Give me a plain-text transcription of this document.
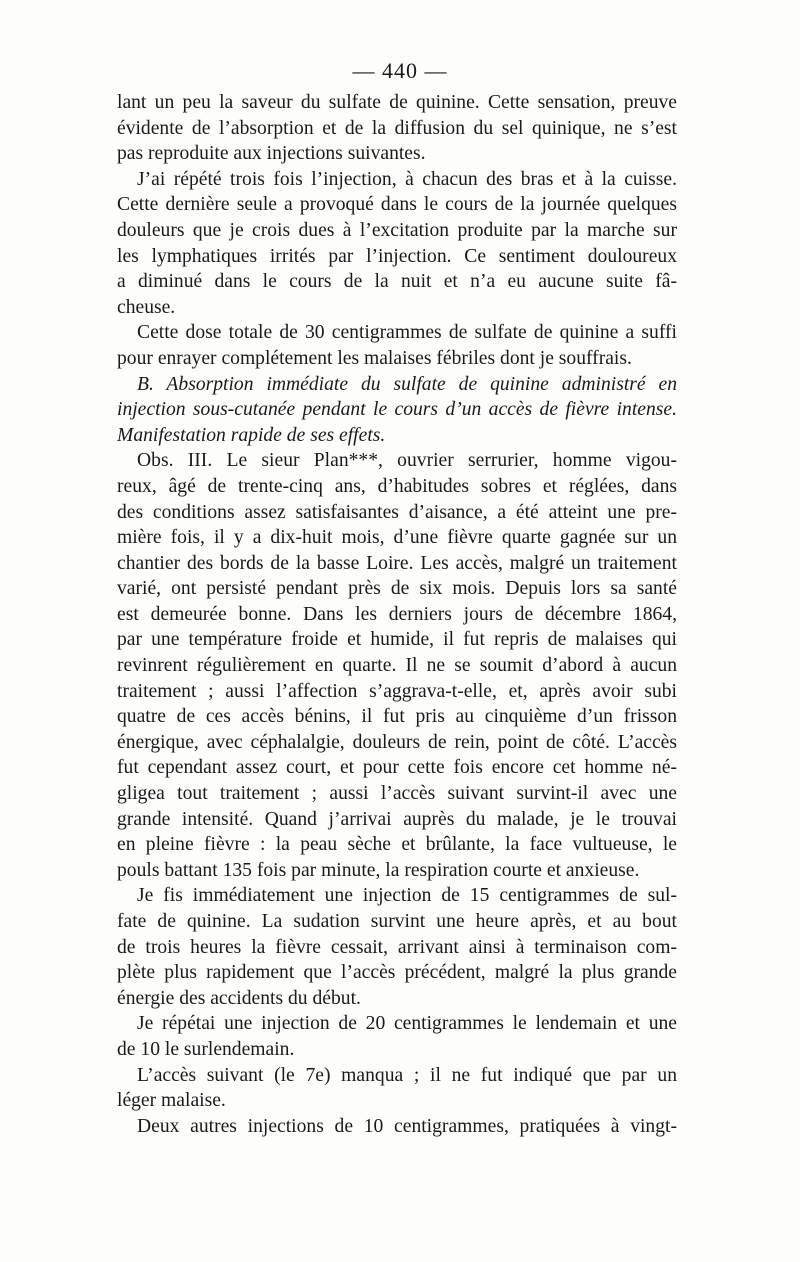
— 440 —

lant un peu la saveur du sulfate de quinine. Cette sensation, preuve
évidente de l’absorption et de la diffusion du sel quinique, ne s’est
pas reproduite aux injections suivantes.

J’ai répété trois fois l’injection, à chacun des bras et à la cuisse.
Cette dernière seule a provoqué dans le cours de la journée quelques
douleurs que je crois dues à l’excitation produite par la marche sur
les lymphatiques irrités par l’injection. Ce sentiment douloureux
a diminué dans le cours de la nuit et n’a eu aucune suite fâ-
cheuse.

Cette dose totale de 30 centigrammes de sulfate de quinine a suffi
pour enrayer complétement les malaises fébriles dont je souffrais.

B. Absorption immédiate du sulfate de quinine administré en
injection sous-cutanée pendant le cours d’un accès de fièvre intense.
Manifestation rapide de ses effets.

Obs. III. Le sieur Plan***, ouvrier serrurier, homme vigou-
reux, âgé de trente-cinq ans, d’habitudes sobres et réglées, dans
des conditions assez satisfaisantes d’aisance, a été atteint une pre-
mière fois, il y a dix-huit mois, d’une fièvre quarte gagnée sur un
chantier des bords de la basse Loire. Les accès, malgré un traitement
varié, ont persisté pendant près de six mois. Depuis lors sa santé
est demeurée bonne. Dans les derniers jours de décembre 1864,
par une température froide et humide, il fut repris de malaises qui
revinrent régulièrement en quarte. Il ne se soumit d’abord à aucun
traitement ; aussi l’affection s’aggrava-t-elle, et, après avoir subi
quatre de ces accès bénins, il fut pris au cinquième d’un frisson
énergique, avec céphalalgie, douleurs de rein, point de côté. L’accès
fut cependant assez court, et pour cette fois encore cet homme né-
gligea tout traitement ; aussi l’accès suivant survint-il avec une
grande intensité. Quand j’arrivai auprès du malade, je le trouvai
en pleine fièvre : la peau sèche et brûlante, la face vultueuse, le
pouls battant 135 fois par minute, la respiration courte et anxieuse.

Je fis immédiatement une injection de 15 centigrammes de sul-
fate de quinine. La sudation survint une heure après, et au bout
de trois heures la fièvre cessait, arrivant ainsi à terminaison com-
plète plus rapidement que l’accès précédent, malgré la plus grande
énergie des accidents du début.

Je répétai une injection de 20 centigrammes le lendemain et une
de 10 le surlendemain.

L’accès suivant (le 7e) manqua ; il ne fut indiqué que par un
léger malaise.

Deux autres injections de 10 centigrammes, pratiquées à vingt-
